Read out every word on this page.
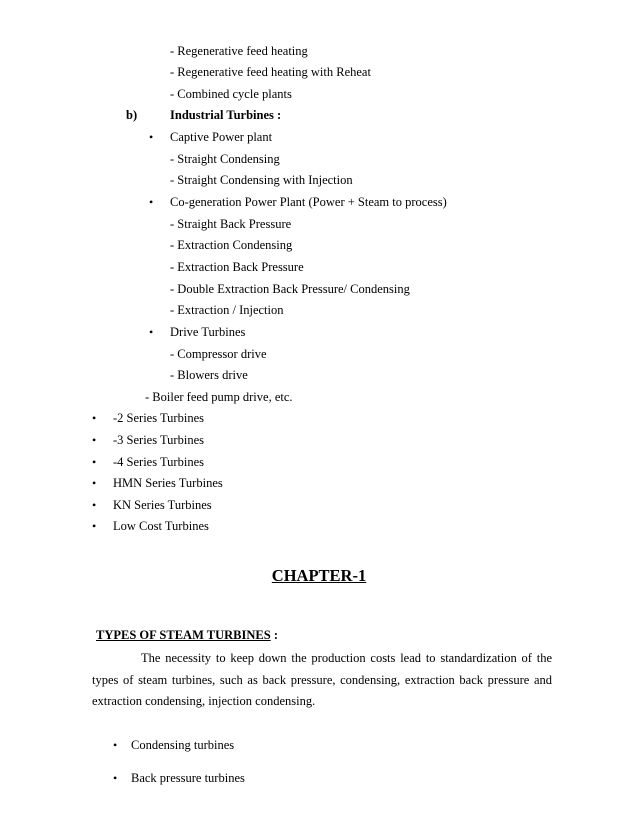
- Regenerative feed heating
- Regenerative feed heating with Reheat
- Combined cycle plants
b)	Industrial Turbines :
• Captive Power plant
- Straight Condensing
- Straight Condensing with Injection
• Co-generation Power Plant (Power + Steam to process)
- Straight Back Pressure
- Extraction Condensing
- Extraction Back Pressure
- Double Extraction Back Pressure/ Condensing
- Extraction / Injection
• Drive Turbines
- Compressor drive
- Blowers drive
- Boiler feed pump drive, etc.
• -2 Series Turbines
• -3 Series Turbines
• -4 Series Turbines
• HMN Series Turbines
• KN Series Turbines
• Low Cost Turbines
CHAPTER-1
TYPES OF STEAM TURBINES :
The necessity to keep down the production costs lead to standardization of the types of steam turbines, such as back pressure, condensing, extraction back pressure and extraction condensing, injection condensing.
• Condensing turbines
• Back pressure turbines
